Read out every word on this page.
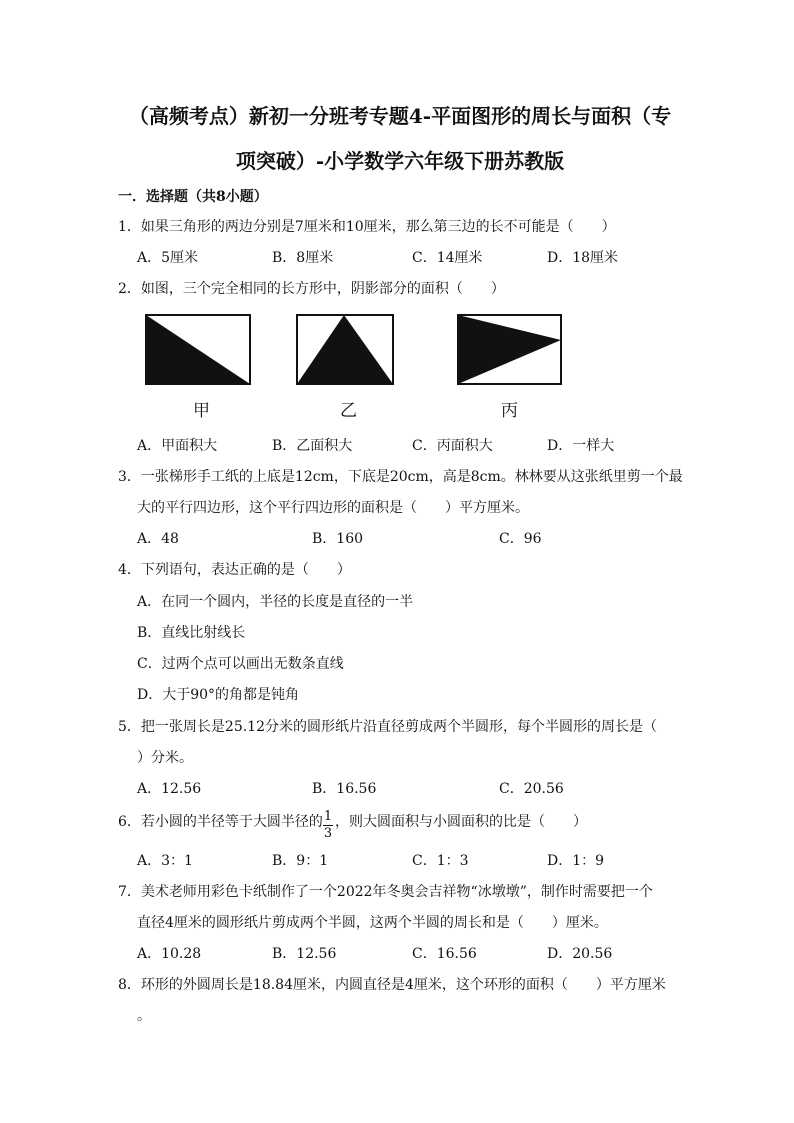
（高频考点）新初一分班考专题4-平面图形的周长与面积（专
项突破）-小学数学六年级下册苏教版
一．选择题（共8小题）
1．如果三角形的两边分别是7厘米和10厘米，那么第三边的长不可能是（　　）
A．5厘米	B．8厘米	C．14厘米	D．18厘米
2．如图，三个完全相同的长方形中，阴影部分的面积（　　）
甲	乙	丙
A．甲面积大	B．乙面积大	C．丙面积大	D．一样大
3．一张梯形手工纸的上底是12cm，下底是20cm，高是8cm。林林要从这张纸里剪一个最
大的平行四边形，这个平行四边形的面积是（　　）平方厘米。
A．48	B．160	C．96
4．下列语句，表达正确的是（　　）
A．在同一个圆内，半径的长度是直径的一半
B．直线比射线长
C．过两个点可以画出无数条直线
D．大于90°的角都是钝角
5．把一张周长是25.12分米的圆形纸片沿直径剪成两个半圆形，每个半圆形的周长是（
）分米。
A．12.56	B．16.56	C．20.56
6．若小圆的半径等于大圆半径的 1
3
，则大圆面积与小圆面积的比是（　　）
A．3：1	B．9：1	C．1：3	D．1：9
7．美术老师用彩色卡纸制作了一个2022年冬奥会吉祥物“冰墩墩”，制作时需要把一个
直径4厘米的圆形纸片剪成两个半圆，这两个半圆的周长和是（　　）厘米。
A．10.28	B．12.56	C．16.56	D．20.56
8．环形的外圆周长是18.84厘米，内圆直径是4厘米，这个环形的面积（　　）平方厘米
。
